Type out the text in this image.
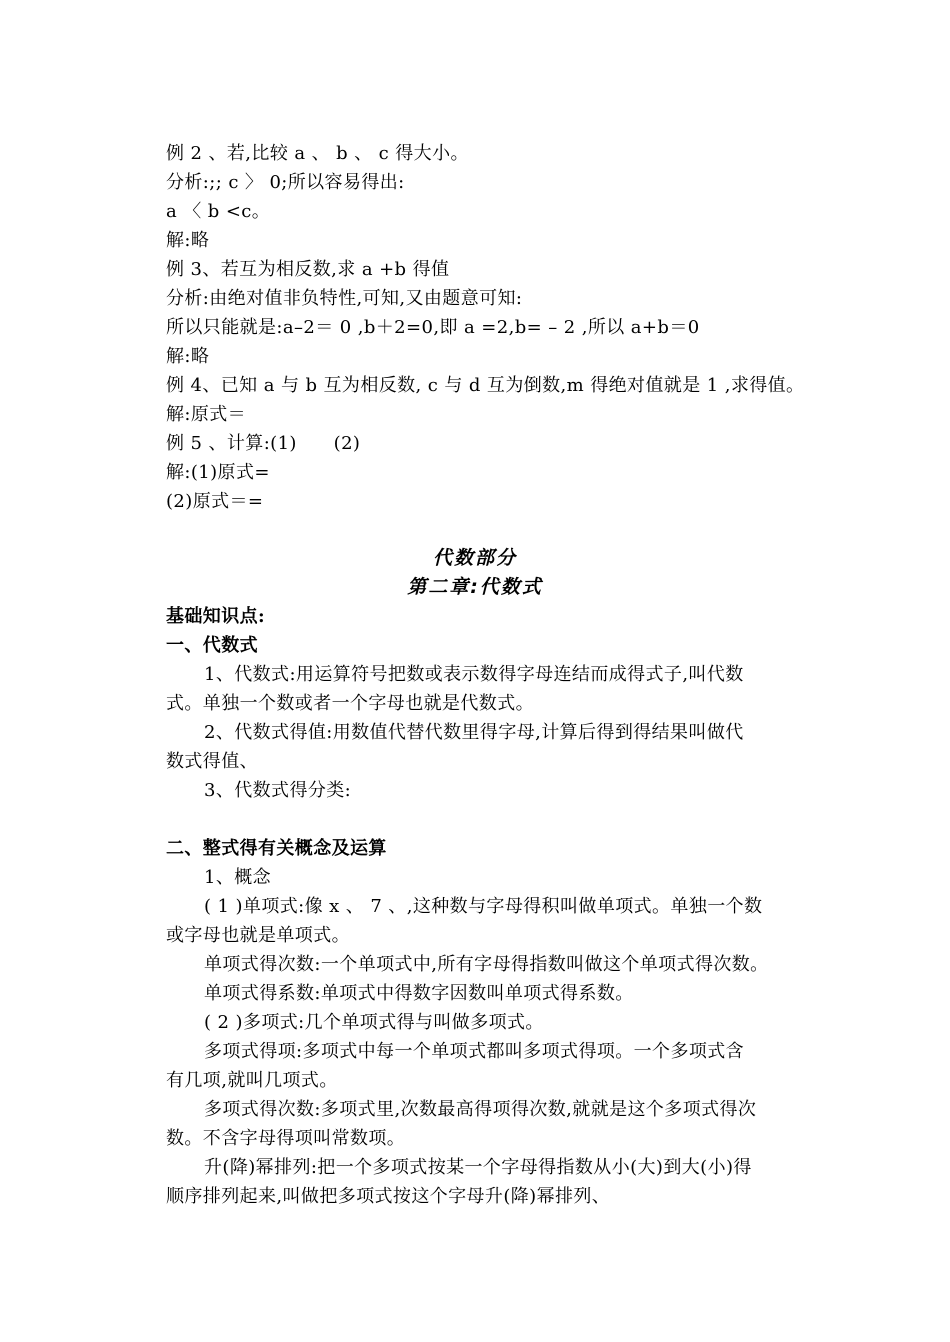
例 2 、若,比较 a 、 b 、 c 得大小。
分析:;; c 〉 0;所以容易得出:
a 〈 b <c。
解:略
例 3、若互为相反数,求 a +b 得值
分析:由绝对值非负特性,可知,又由题意可知:
所以只能就是:a–2＝ 0 ,b＋2=0,即 a =2,b= – 2 ,所以 a+b＝0
解:略
例 4、已知 a 与 b 互为相反数, c 与 d 互为倒数,m 得绝对值就是 1 ,求得值。
解:原式＝
例 5 、计算:(1)　　(2)
解:(1)原式=
(2)原式＝=
代数部分
第二章:代数式
基础知识点:
一、代数式
1、代数式:用运算符号把数或表示数得字母连结而成得式子,叫代数
式。单独一个数或者一个字母也就是代数式。
2、代数式得值:用数值代替代数里得字母,计算后得到得结果叫做代
数式得值、
3、代数式得分类:
二、整式得有关概念及运算
1、概念
( 1 )单项式:像 x 、 7 、,这种数与字母得积叫做单项式。单独一个数
或字母也就是单项式。
单项式得次数:一个单项式中,所有字母得指数叫做这个单项式得次数。
单项式得系数:单项式中得数字因数叫单项式得系数。
( 2 )多项式:几个单项式得与叫做多项式。
多项式得项:多项式中每一个单项式都叫多项式得项。一个多项式含
有几项,就叫几项式。
多项式得次数:多项式里,次数最高得项得次数,就就是这个多项式得次
数。不含字母得项叫常数项。
升(降)幂排列:把一个多项式按某一个字母得指数从小(大)到大(小)得
顺序排列起来,叫做把多项式按这个字母升(降)幂排列、
